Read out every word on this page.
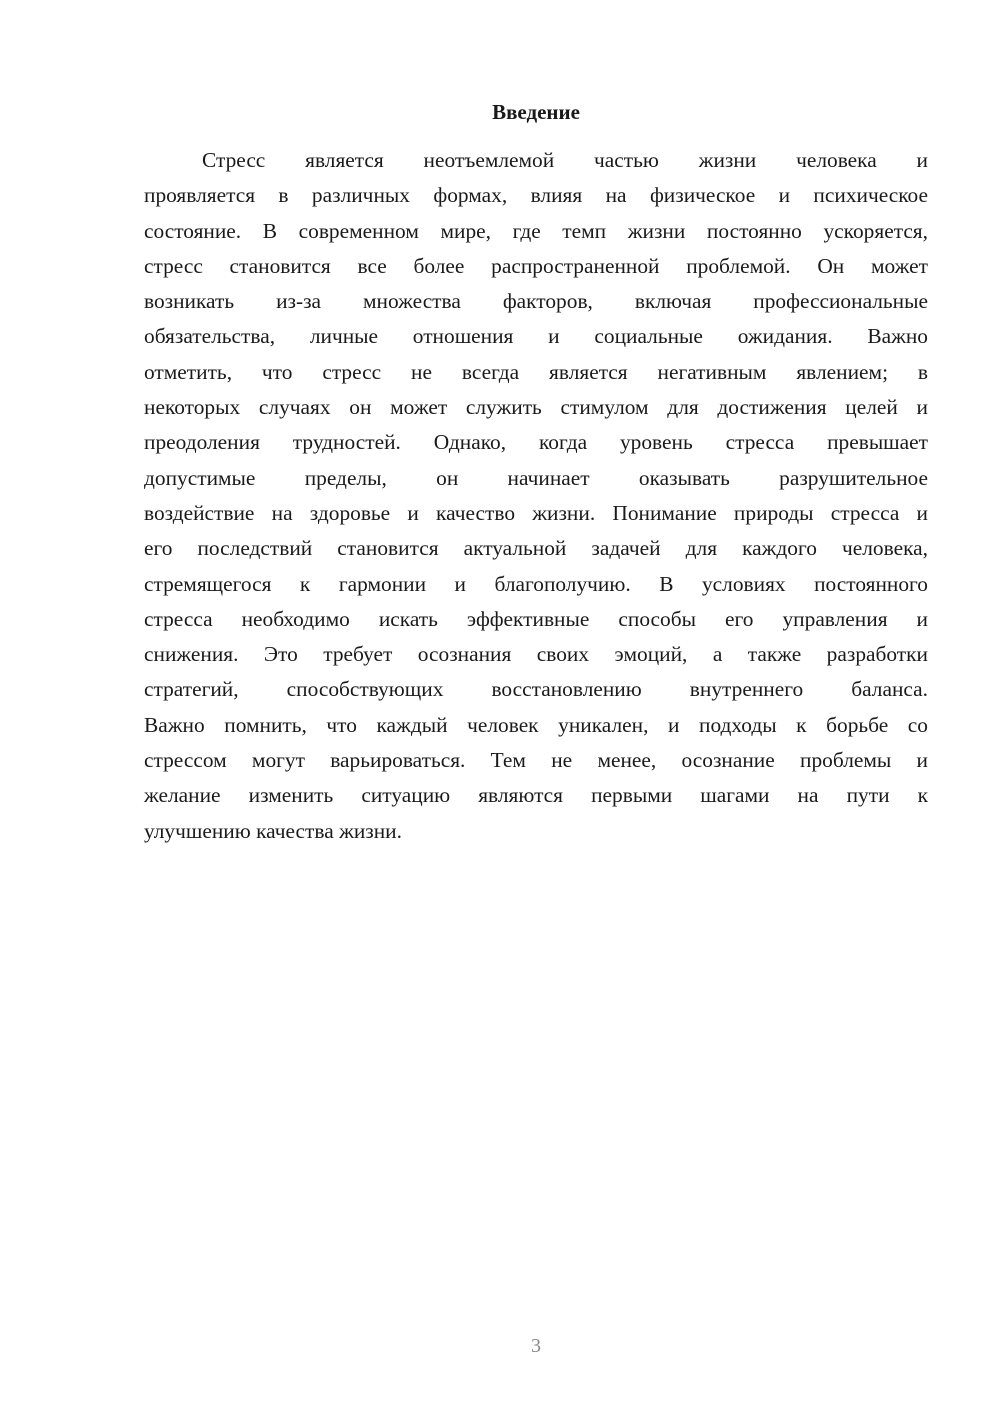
Введение
Стресс является неотъемлемой частью жизни человека и
проявляется в различных формах, влияя на физическое и психическое
состояние. В современном мире, где темп жизни постоянно ускоряется,
стресс становится все более распространенной проблемой. Он может
возникать из-за множества факторов, включая профессиональные
обязательства, личные отношения и социальные ожидания. Важно
отметить, что стресс не всегда является негативным явлением; в
некоторых случаях он может служить стимулом для достижения целей и
преодоления трудностей. Однако, когда уровень стресса превышает
допустимые пределы, он начинает оказывать разрушительное
воздействие на здоровье и качество жизни. Понимание природы стресса и
его последствий становится актуальной задачей для каждого человека,
стремящегося к гармонии и благополучию. В условиях постоянного
стресса необходимо искать эффективные способы его управления и
снижения. Это требует осознания своих эмоций, а также разработки
стратегий, способствующих восстановлению внутреннего баланса.
Важно помнить, что каждый человек уникален, и подходы к борьбе со
стрессом могут варьироваться. Тем не менее, осознание проблемы и
желание изменить ситуацию являются первыми шагами на пути к
улучшению качества жизни.
3
